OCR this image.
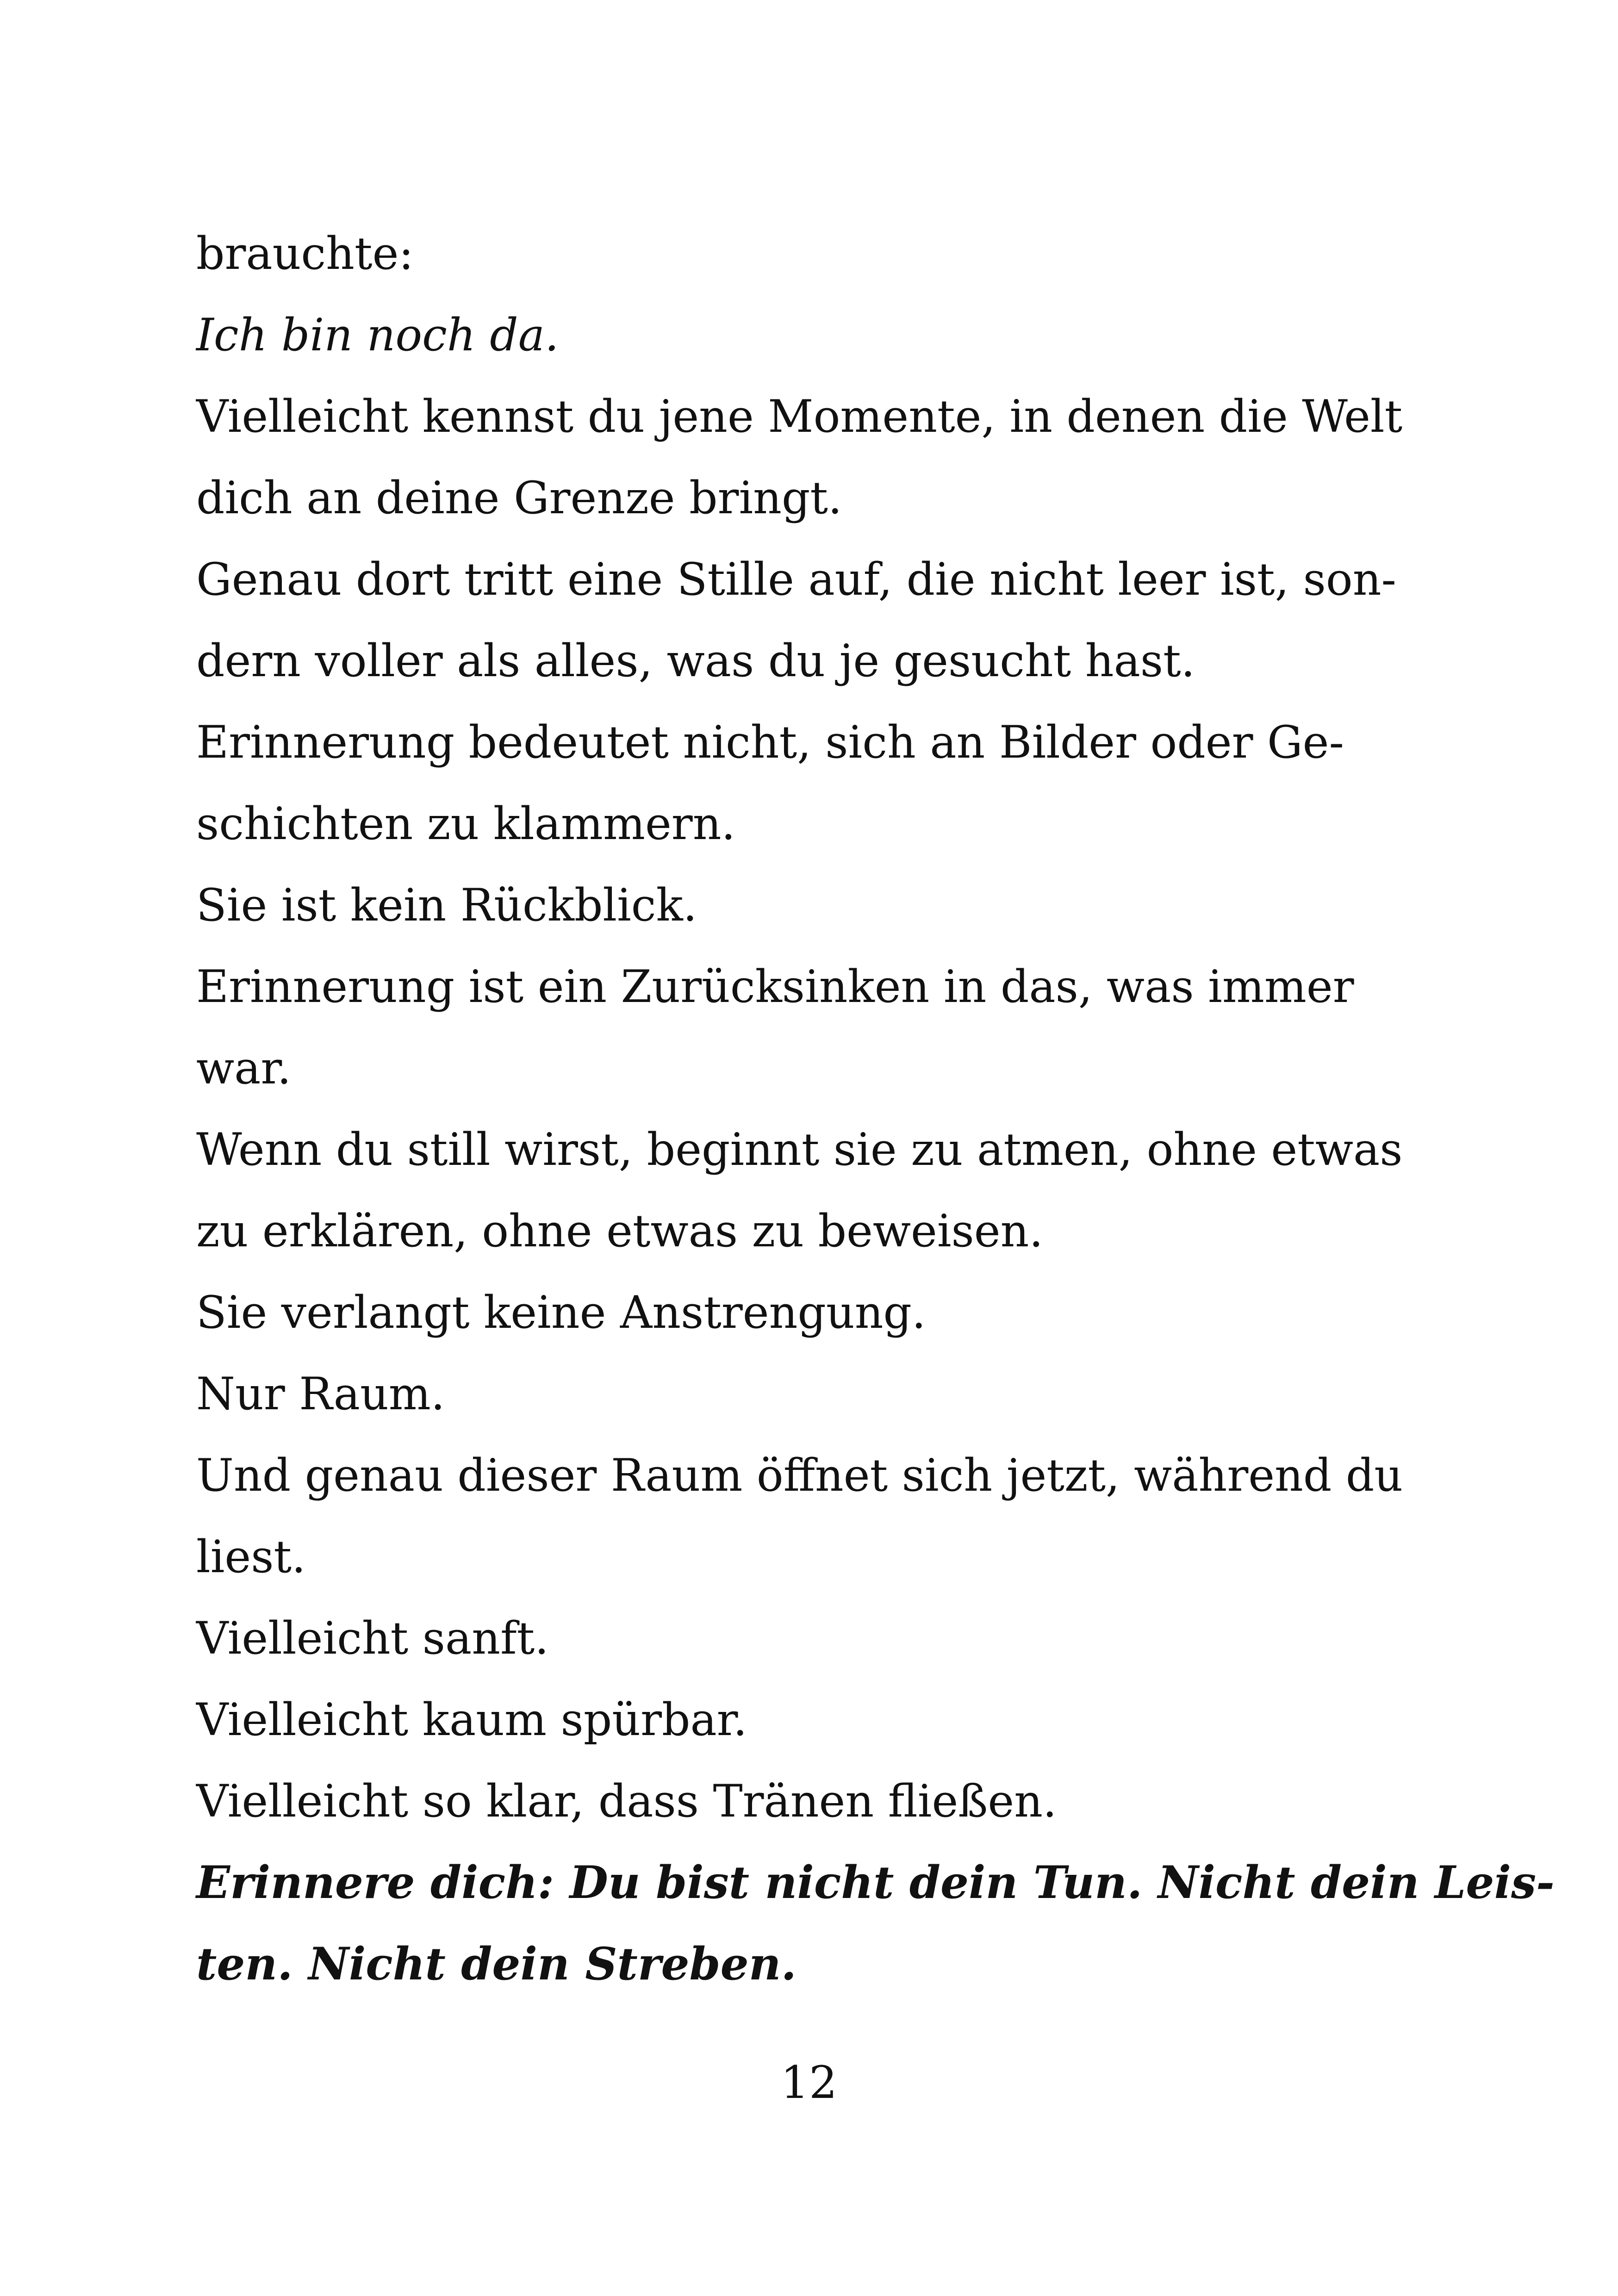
brauchte:
Ich bin noch da.
Vielleicht kennst du jene Momente, in denen die Welt
dich an deine Grenze bringt.
Genau dort tritt eine Stille auf, die nicht leer ist, son-
dern voller als alles, was du je gesucht hast.
Erinnerung bedeutet nicht, sich an Bilder oder Ge-
schichten zu klammern.
Sie ist kein Rückblick.
Erinnerung ist ein Zurücksinken in das, was immer
war.
Wenn du still wirst, beginnt sie zu atmen, ohne etwas
zu erklären, ohne etwas zu beweisen.
Sie verlangt keine Anstrengung.
Nur Raum.
Und genau dieser Raum öffnet sich jetzt, während du
liest.
Vielleicht sanft.
Vielleicht kaum spürbar.
Vielleicht so klar, dass Tränen fließen.
Erinnere dich: Du bist nicht dein Tun. Nicht dein Leis-
ten. Nicht dein Streben.
12
